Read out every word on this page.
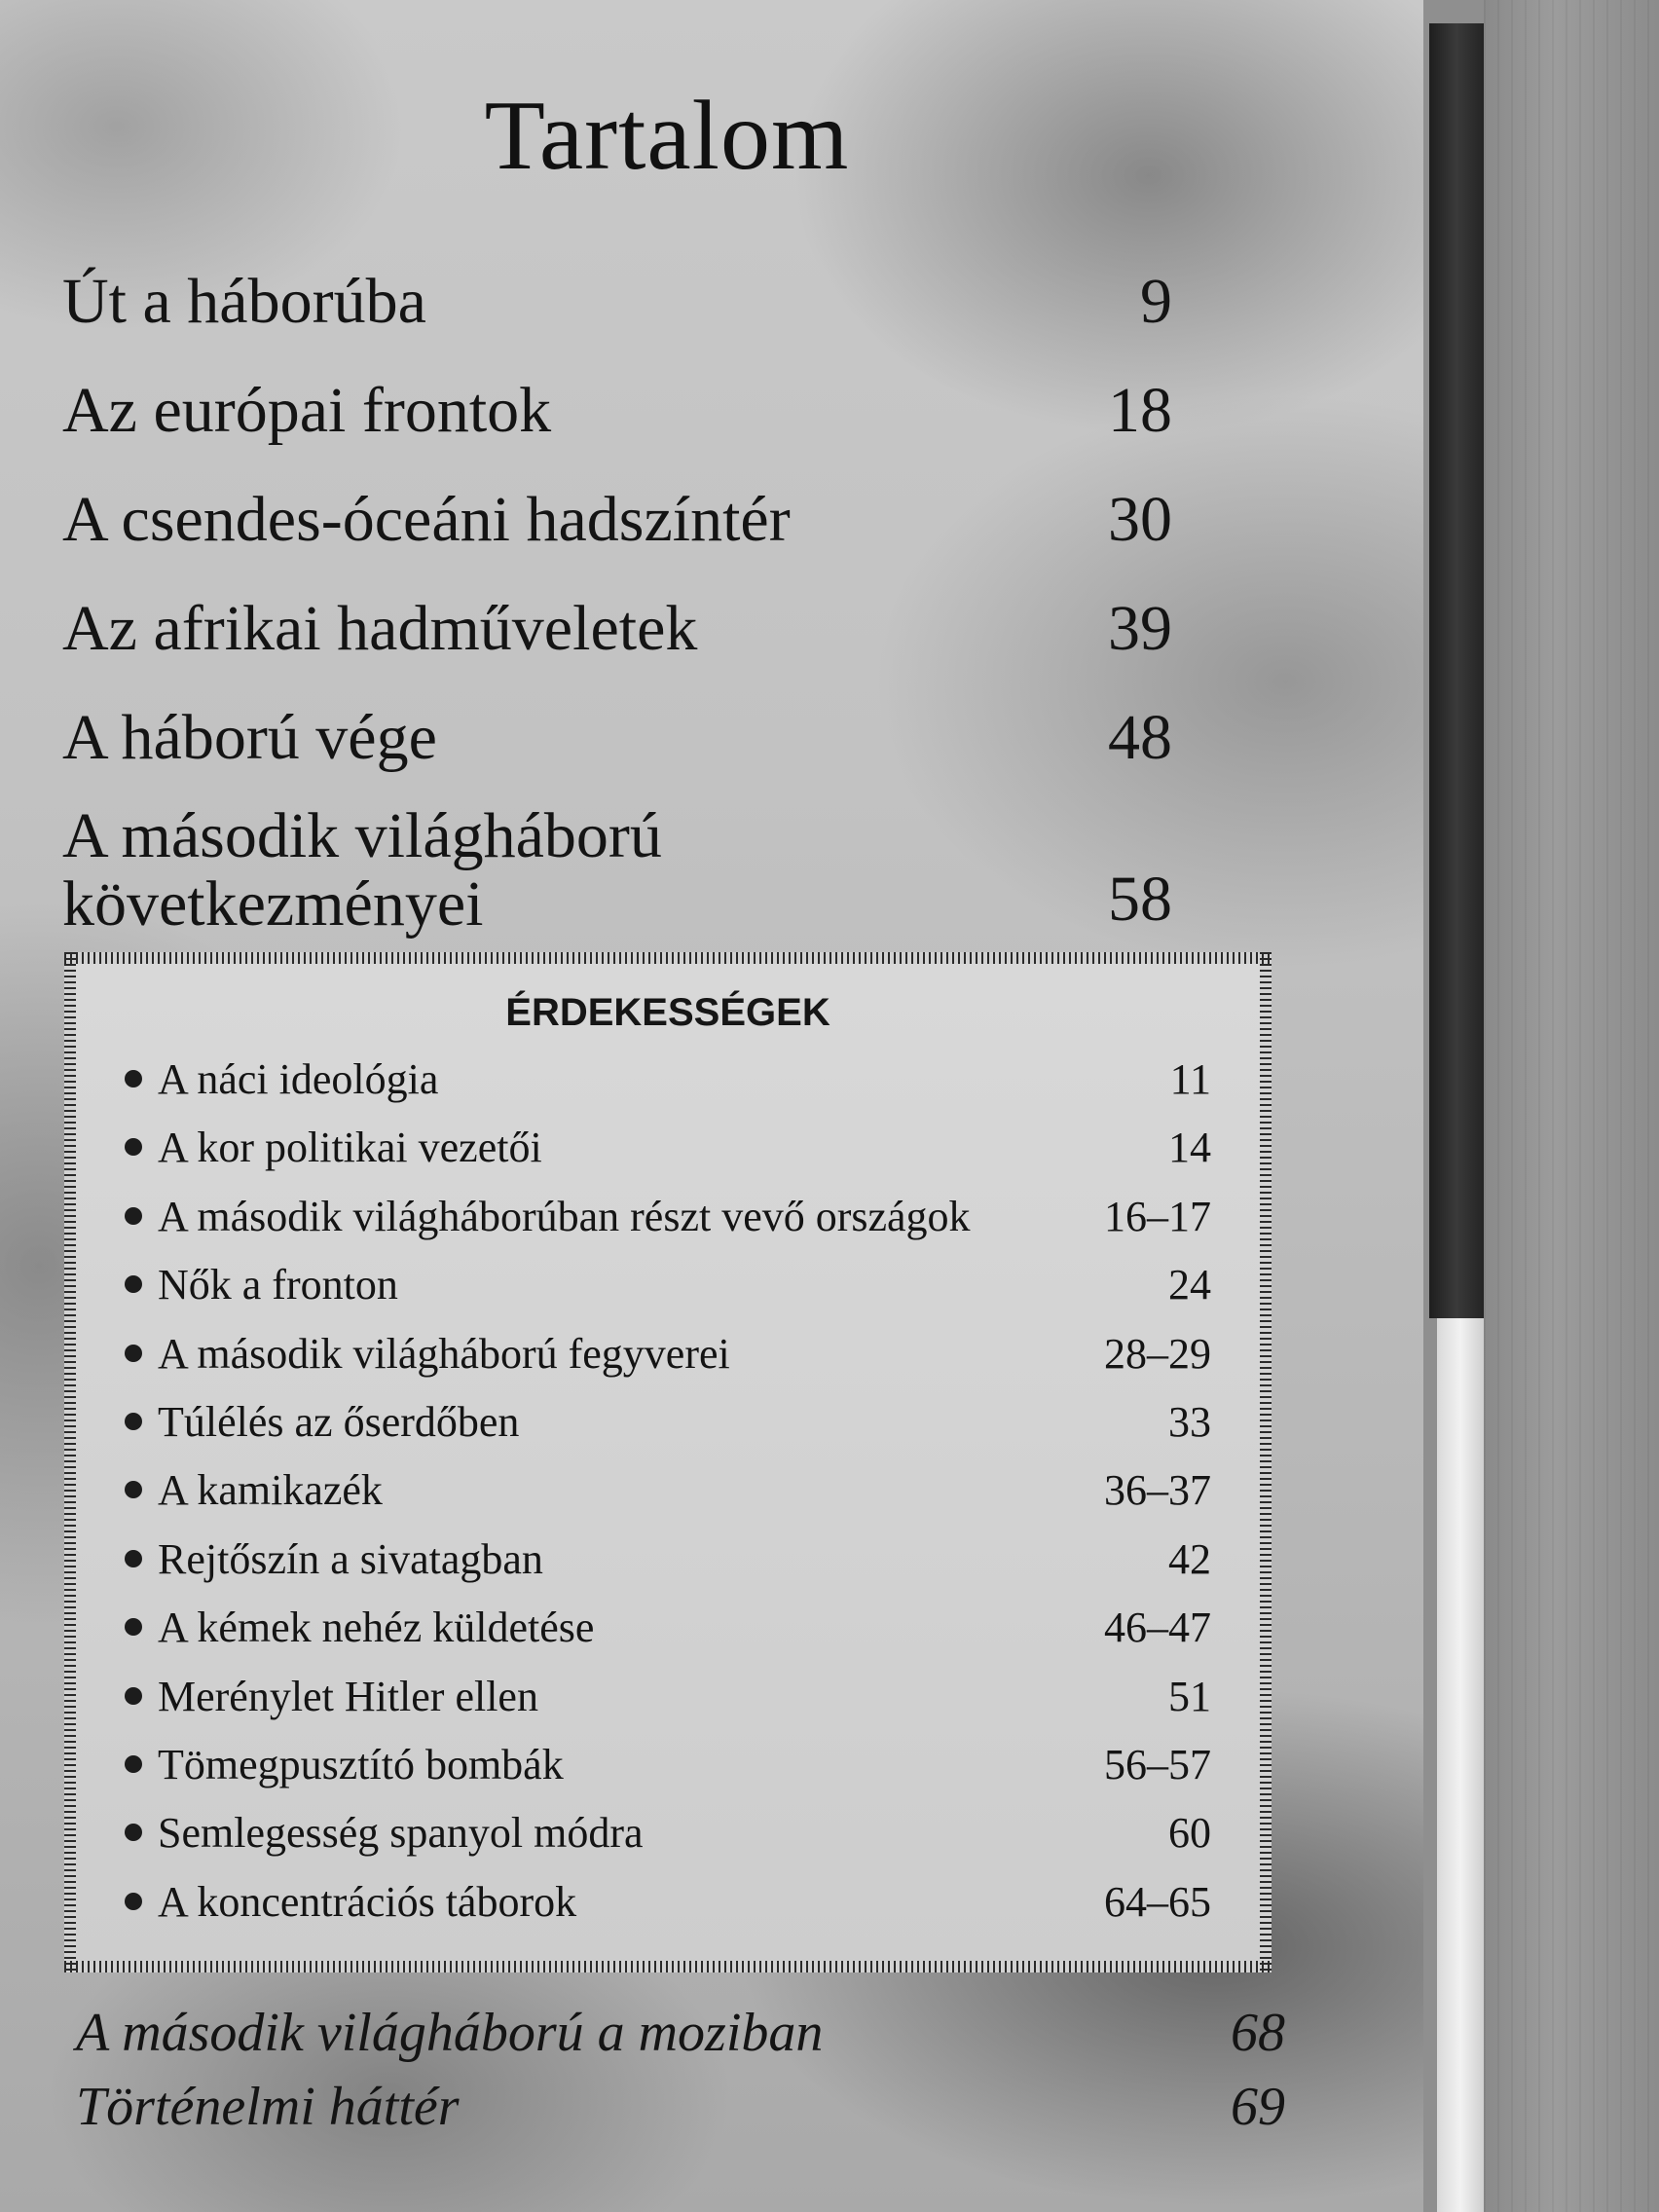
Tartalom
Út a háborúba	9
Az európai frontok	18
A csendes-óceáni hadszíntér	30
Az afrikai hadműveletek	39
A háború vége	48
A második világháború
következményei	58
ÉRDEKESSÉGEK
A náci ideológia	11
A kor politikai vezetői	14
A második világháborúban részt vevő országok	16–17
Nők a fronton	24
A második világháború fegyverei	28–29
Túlélés az őserdőben	33
A kamikazék	36–37
Rejtőszín a sivatagban	42
A kémek nehéz küldetése	46–47
Merénylet Hitler ellen	51
Tömegpusztító bombák	56–57
Semlegesség spanyol módra	60
A koncentrációs táborok	64–65
A második világháború a moziban	68
Történelmi háttér	69
